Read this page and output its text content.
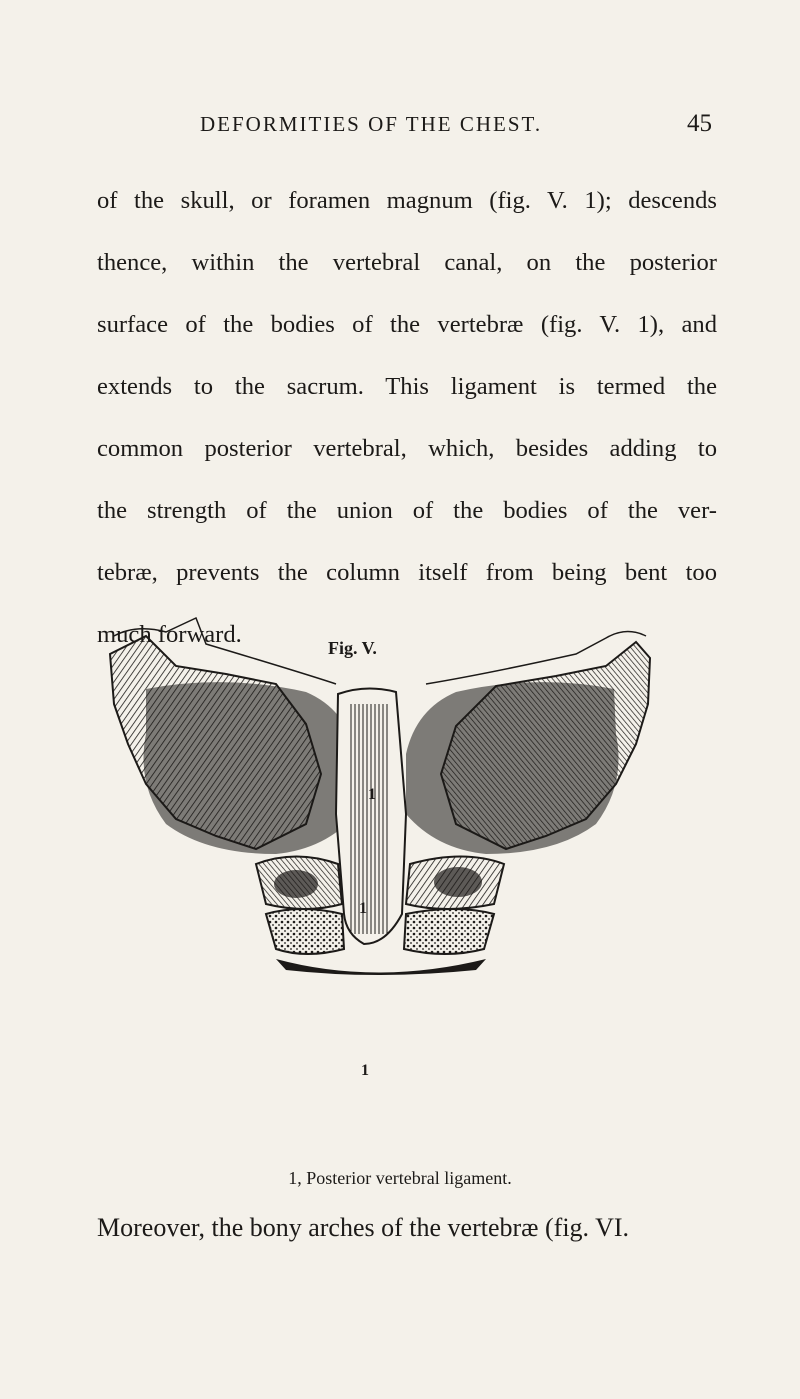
DEFORMITIES OF THE CHEST.	45
of the skull, or foramen magnum (fig. V. 1); descends
thence, within the vertebral canal, on the posterior
surface of the bodies of the vertebræ (fig. V. 1), and
extends to the sacrum. This ligament is termed the
common posterior vertebral, which, besides adding to
the strength of the union of the bodies of the ver-
tebræ, prevents the column itself from being bent too
much forward.	Fig. V.
1
1
1
1, Posterior vertebral ligament.
Moreover, the bony arches of the vertebræ (fig. VI.
